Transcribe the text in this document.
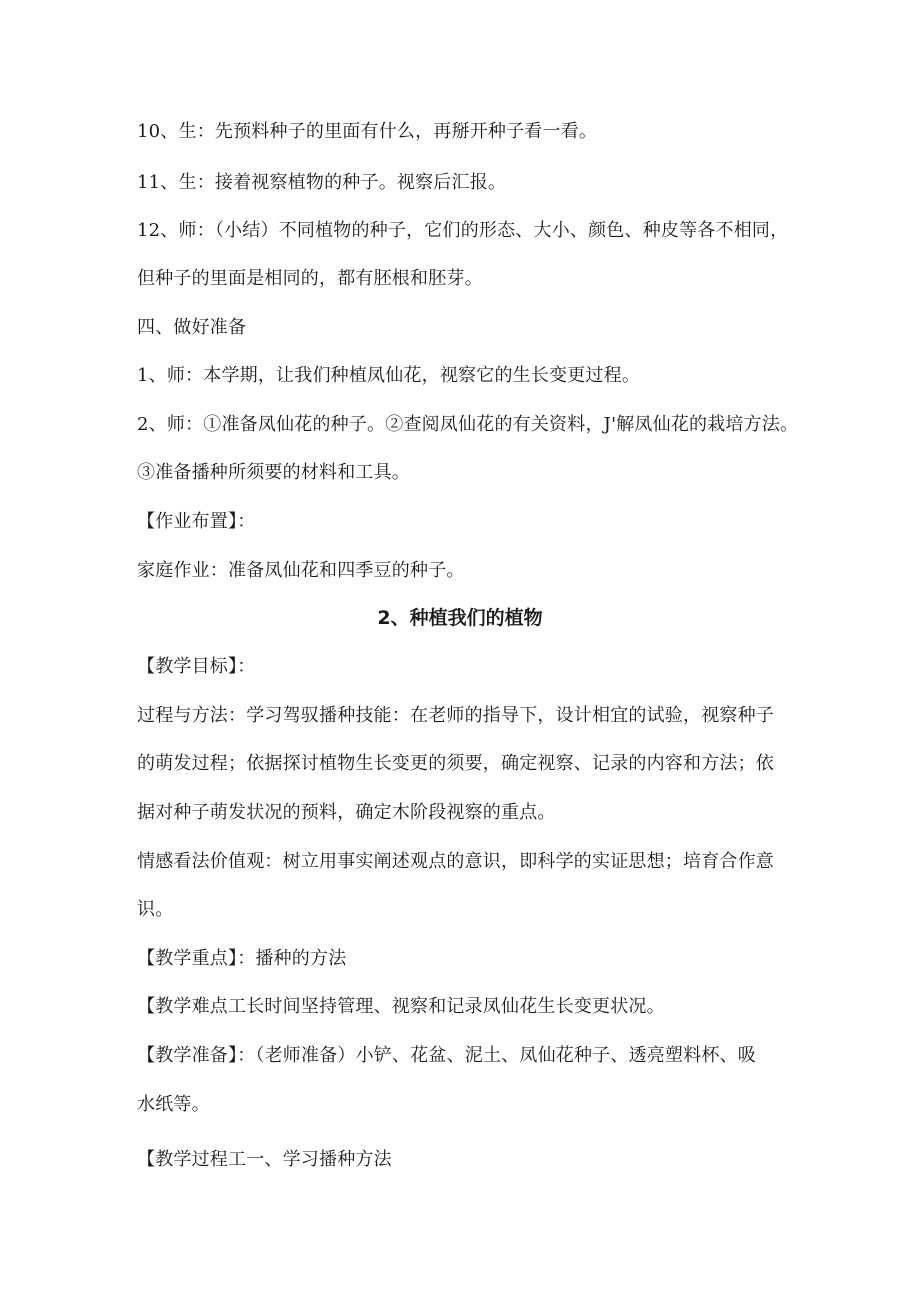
10、生：先预料种子的里面有什么，再掰开种子看一看。
11、生：接着视察植物的种子。视察后汇报。
12、师：（小结）不同植物的种子，它们的形态、大小、颜色、种皮等各不相同，
但种子的里面是相同的，都有胚根和胚芽。
四、做好准备
1、师：本学期，让我们种植凤仙花，视察它的生长变更过程。
2、师：①准备凤仙花的种子。②查阅凤仙花的有关资料，J'解凤仙花的栽培方法。
③准备播种所须要的材料和工具。
【作业布置】：
家庭作业：准备凤仙花和四季豆的种子。
2、种植我们的植物
【教学目标】：
过程与方法：学习驾驭播种技能：在老师的指导下，设计相宜的试验，视察种子
的萌发过程；依据探讨植物生长变更的须要，确定视察、记录的内容和方法；依
据对种子萌发状况的预料，确定木阶段视察的重点。
情感看法价值观：树立用事实阐述观点的意识，即科学的实证思想；培育合作意
识。
【教学重点】：播种的方法
【教学难点工长时间坚持管理、视察和记录凤仙花生长变更状况。
【教学准备】：（老师准备）小铲、花盆、泥土、凤仙花种子、透亮塑料杯、吸
水纸等。
【教学过程工一、学习播种方法
